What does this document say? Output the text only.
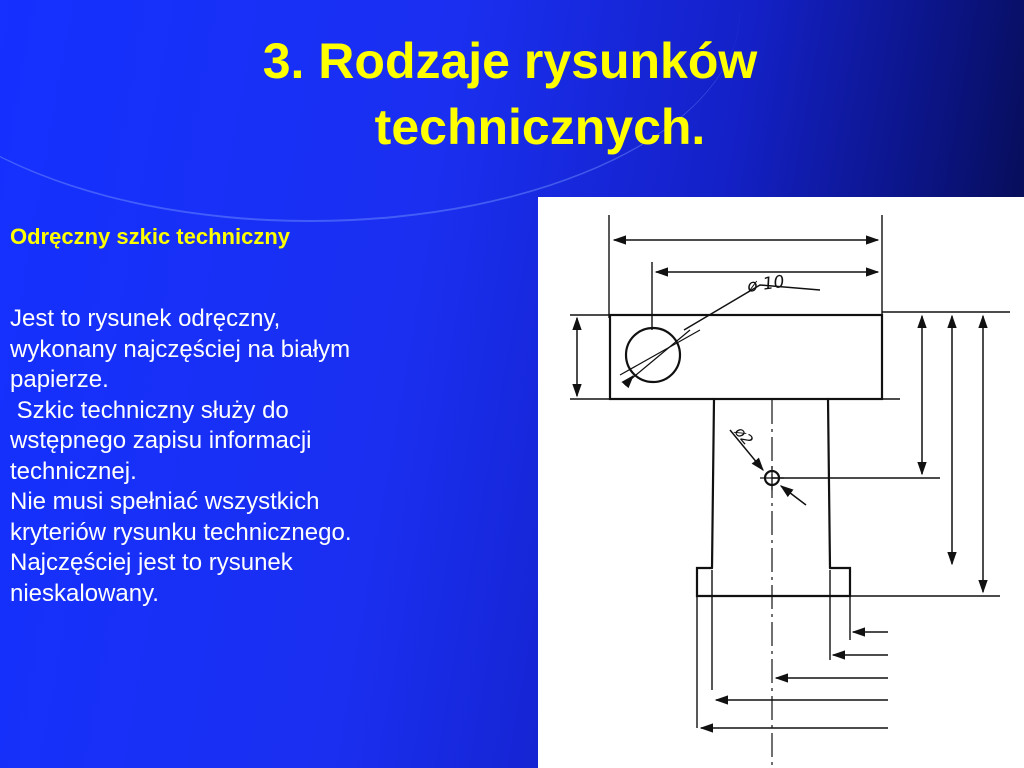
3. Rodzaje rysunków
technicznych.
Odręczny szkic techniczny
Jest to rysunek odręczny,
wykonany najczęściej na białym
papierze.
Szkic techniczny służy do
wstępnego zapisu informacji
technicznej.
Nie musi spełniać wszystkich
kryteriów rysunku technicznego.
Najczęściej jest to rysunek
nieskalowany.
ø 10
ø2
